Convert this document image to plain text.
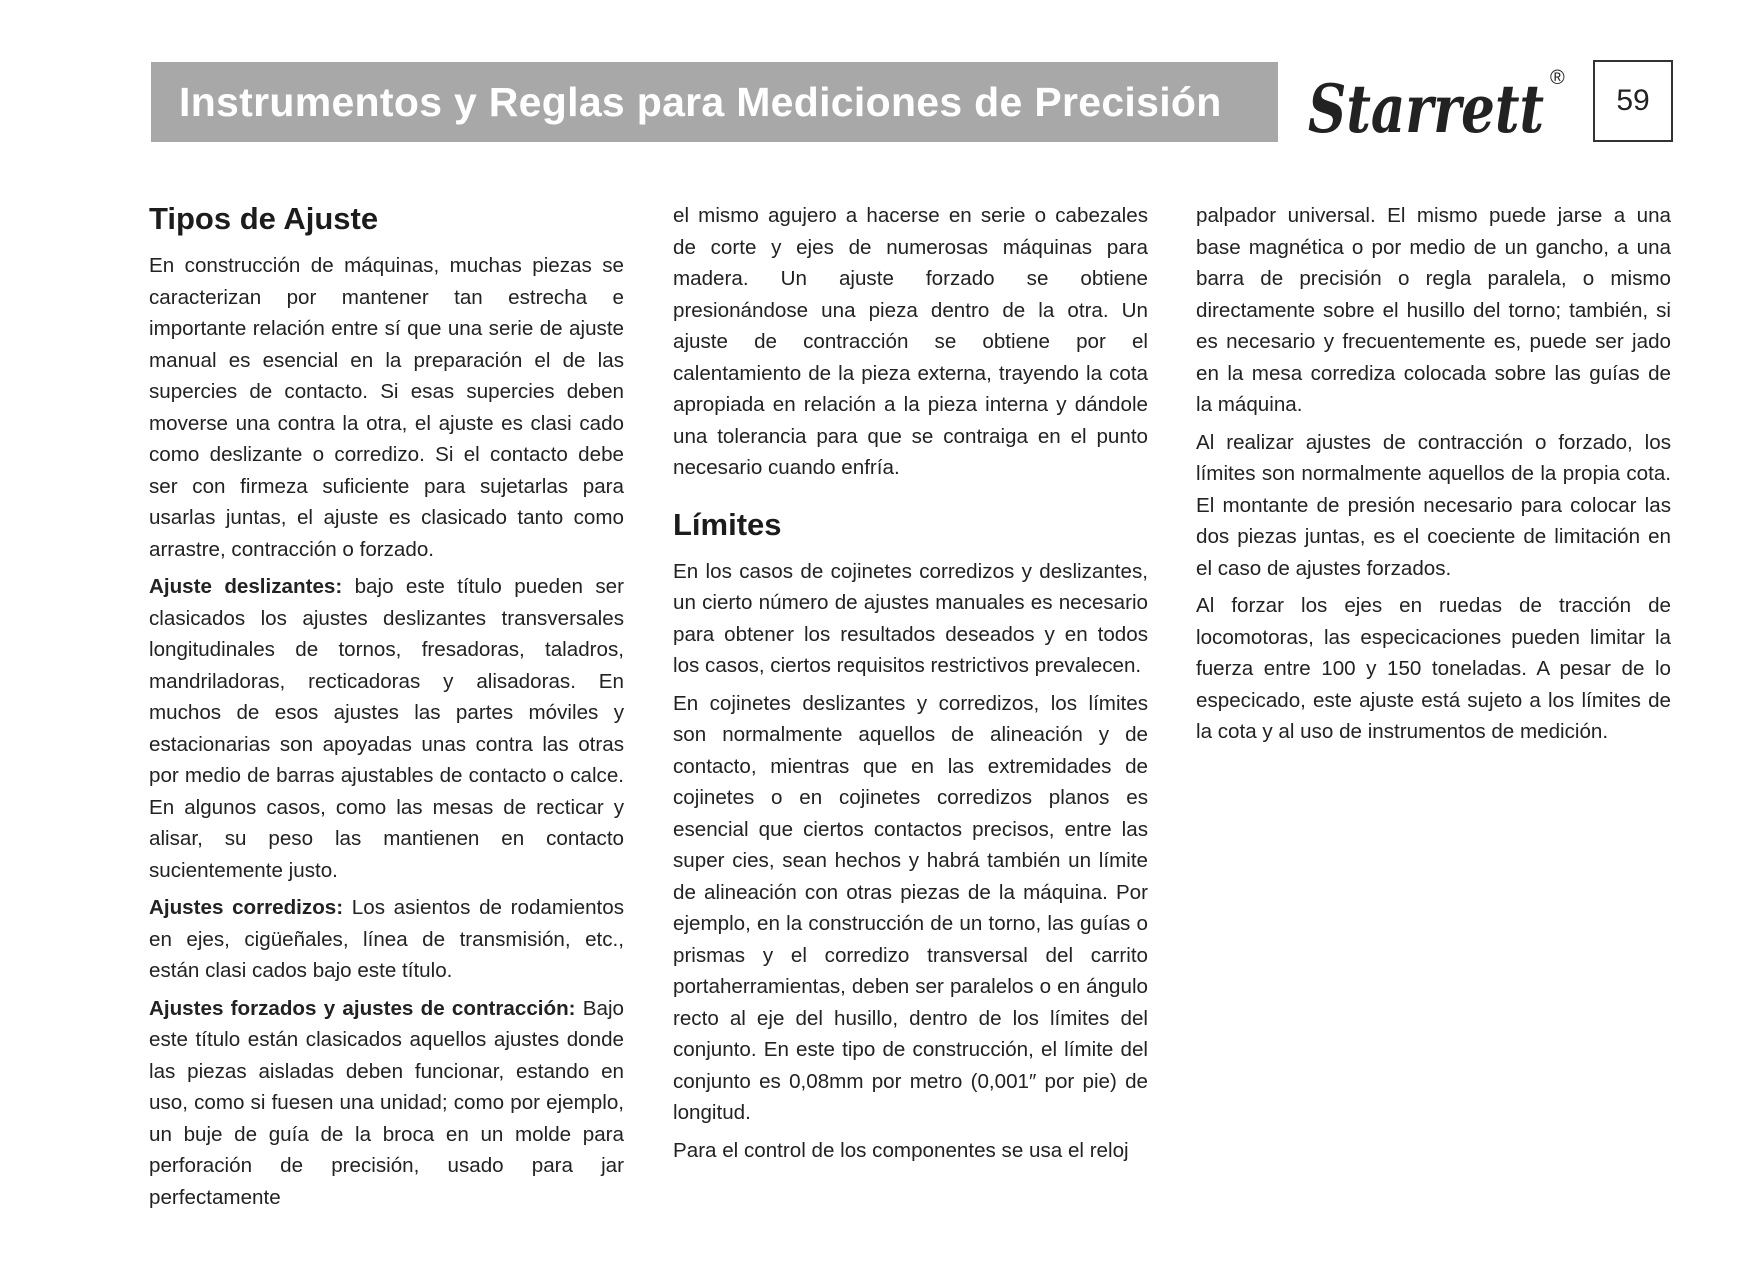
Instrumentos y Reglas para Mediciones de Precisión Starrett ®
59
Tipos de Ajuste

En construcción de máquinas, muchas piezas se caracterizan por mantener tan estrecha e importante relación entre sí que una serie de ajuste manual es esencial en la preparación el de las supercies de contacto. Si esas supercies deben moverse una contra la otra, el ajuste es clasi cado como deslizante o corredizo. Si el contacto debe ser con firmeza suficiente para sujetarlas para usarlas juntas, el ajuste es clasicado tanto como arrastre, contracción o forzado.

Ajuste deslizantes: bajo este título pueden ser clasicados los ajustes deslizantes transversales longitudinales de tornos, fresadoras, taladros, mandriladoras, recticadoras y alisadoras. En muchos de esos ajustes las partes móviles y estacionarias son apoyadas unas contra las otras por medio de barras ajustables de contacto o calce. En algunos casos, como las mesas de recticar y alisar, su peso las mantienen en contacto sucientemente justo.

Ajustes corredizos: Los asientos de rodamientos en ejes, cigüeñales, línea de transmisión, etc., están clasi cados bajo este título.

Ajustes forzados y ajustes de contracción: Bajo este título están clasicados aquellos ajustes donde las piezas aisladas deben funcionar, estando en uso, como si fuesen una unidad; como por ejemplo, un buje de guía de la broca en un molde para perforación de precisión, usado para jar perfectamente

el mismo agujero a hacerse en serie o cabezales de corte y ejes de numerosas máquinas para madera. Un ajuste forzado se obtiene presionándose una pieza dentro de la otra. Un ajuste de contracción se obtiene por el calentamiento de la pieza externa, trayendo la cota apropiada en relación a la pieza interna y dándole una tolerancia para que se contraiga en el punto necesario cuando enfría.

Límites

En los casos de cojinetes corredizos y deslizantes, un cierto número de ajustes manuales es necesario para obtener los resultados deseados y en todos los casos, ciertos requisitos restrictivos prevalecen.

En cojinetes deslizantes y corredizos, los límites son normalmente aquellos de alineación y de contacto, mientras que en las extremidades de cojinetes o en cojinetes corredizos planos es esencial que ciertos contactos precisos, entre las super cies, sean hechos y habrá también un límite de alineación con otras piezas de la máquina. Por ejemplo, en la construcción de un torno, las guías o prismas y el corredizo transversal del carrito portaherramientas, deben ser paralelos o en ángulo recto al eje del husillo, dentro de los límites del conjunto. En este tipo de construcción, el límite del conjunto es 0,08mm por metro (0,001″ por pie) de longitud.

Para el control de los componentes se usa el reloj

palpador universal. El mismo puede jarse a una base magnética o por medio de un gancho, a una barra de precisión o regla paralela, o mismo directamente sobre el husillo del torno; también, si es necesario y frecuentemente es, puede ser jado en la mesa corrediza colocada sobre las guías de la máquina.

Al realizar ajustes de contracción o forzado, los límites son normalmente aquellos de la propia cota. El montante de presión necesario para colocar las dos piezas juntas, es el coeciente de limitación en el caso de ajustes forzados.

Al forzar los ejes en ruedas de tracción de locomotoras, las especicaciones pueden limitar la fuerza entre 100 y 150 toneladas. A pesar de lo especicado, este ajuste está sujeto a los límites de la cota y al uso de instrumentos de medición.
